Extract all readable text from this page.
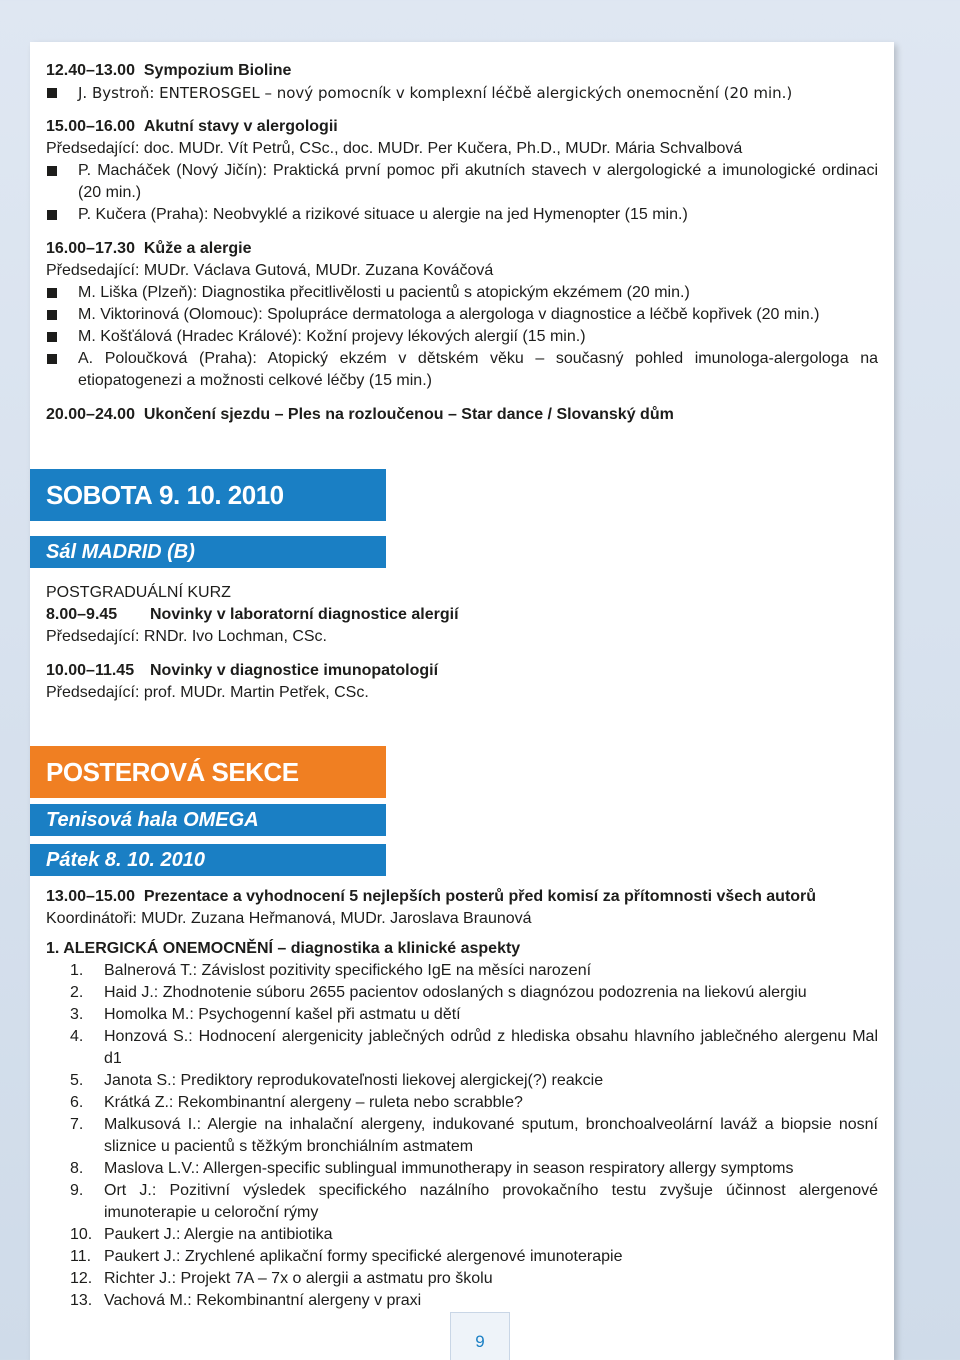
12.40–13.00 Sympozium Bioline
J. Bystroň: ENTEROSGEL – nový pomocník v komplexní léčbě alergických onemocnění (20 min.)
15.00–16.00 Akutní stavy v alergologii
Předsedající: doc. MUDr. Vít Petrů, CSc., doc. MUDr. Per Kučera, Ph.D., MUDr. Mária Schvalbová
P. Macháček (Nový Jičín): Praktická první pomoc při akutních stavech v alergologické a imunologické ordinaci (20 min.)
P. Kučera (Praha): Neobvyklé a rizikové situace u alergie na jed Hymenopter (15 min.)
16.00–17.30 Kůže a alergie
Předsedající: MUDr. Václava Gutová, MUDr. Zuzana Kováčová
M. Liška (Plzeň): Diagnostika přecitlivělosti u pacientů s atopickým ekzémem (20 min.)
M. Viktorinová (Olomouc): Spolupráce dermatologa a alergologa v diagnostice a léčbě kopřivek (20 min.)
M. Košťálová (Hradec Králové): Kožní projevy lékových alergií (15 min.)
A. Poloučková (Praha): Atopický ekzém v dětském věku – současný pohled imunologa-alergologa na etiopatogenezi a možnosti celkové léčby (15 min.)
20.00–24.00 Ukončení sjezdu – Ples na rozloučenou – Star dance / Slovanský dům
SOBOTA
9. 10. 2010
Sál MADRID (B)
POSTGRADUÁLNÍ KURZ
8.00–9.45 Novinky v laboratorní diagnostice alergií
Předsedající: RNDr. Ivo Lochman, CSc.
10.00–11.45 Novinky v diagnostice imunopatologií
Předsedající: prof. MUDr. Martin Petřek, CSc.
POSTEROVÁ SEKCE
Tenisová hala OMEGA
Pátek 8. 10. 2010
13.00–15.00 Prezentace a vyhodnocení 5 nejlepších posterů před komisí za přítomnosti všech autorů
Koordinátoři: MUDr. Zuzana Heřmanová, MUDr. Jaroslava Braunová
1. ALERGICKÁ ONEMOCNĚNÍ – diagnostika a klinické aspekty
1. Balnerová T.: Závislost pozitivity specifického IgE na měsíci narození
2. Haid J.: Zhodnotenie súboru 2655 pacientov odoslaných s diagnózou podozrenia na liekovú alergiu
3. Homolka M.: Psychogenní kašel při astmatu u dětí
4. Honzová S.: Hodnocení alergenicity jablečných odrůd z hlediska obsahu hlavního jablečného alergenu Mal d1
5. Janota S.: Prediktory reprodukovateľnosti liekovej alergickej(?) reakcie
6. Krátká Z.: Rekombinantní alergeny – ruleta nebo scrabble?
7. Malkusová I.: Alergie na inhalační alergeny, indukované sputum, bronchoalveolární laváž a biopsie nosní sliznice u pacientů s těžkým bronchiálním astmatem
8. Maslova L.V.: Allergen-specific sublingual immunotherapy in season respiratory allergy symptoms
9. Ort J.: Pozitivní výsledek specifického nazálního provokačního testu zvyšuje účinnost alergenové imunoterapie u celoroční rýmy
10. Paukert J.: Alergie na antibiotika
11. Paukert J.: Zrychlené aplikační formy specifické alergenové imunoterapie
12. Richter J.: Projekt 7A – 7x o alergii a astmatu pro školu
13. Vachová M.: Rekombinantní alergeny v praxi
9
